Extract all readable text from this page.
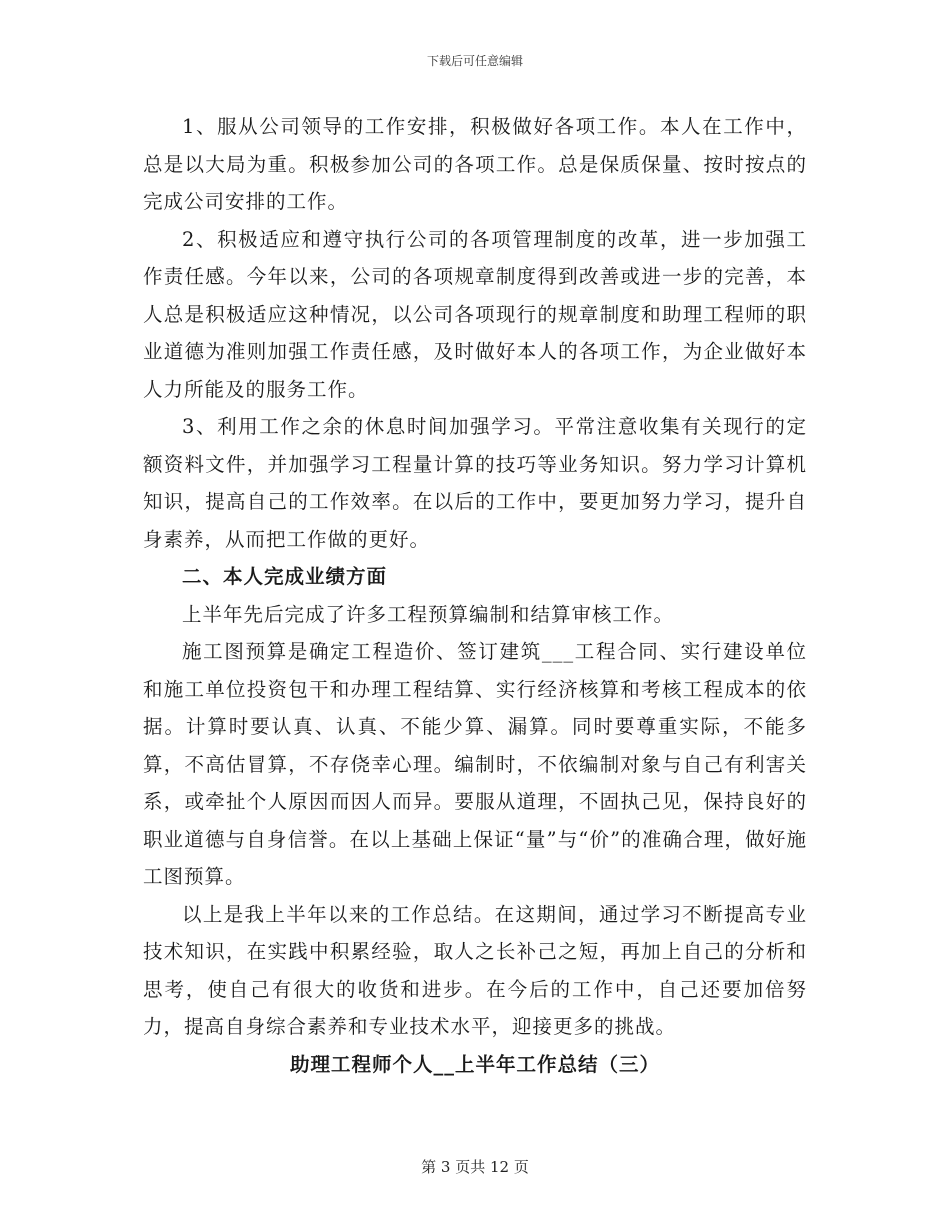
下载后可任意编辑

1、服从公司领导的工作安排，积极做好各项工作。本人在工作中，总是以大局为重。积极参加公司的各项工作。总是保质保量、按时按点的完成公司安排的工作。

2、积极适应和遵守执行公司的各项管理制度的改革，进一步加强工作责任感。今年以来，公司的各项规章制度得到改善或进一步的完善，本人总是积极适应这种情况，以公司各项现行的规章制度和助理工程师的职业道德为准则加强工作责任感，及时做好本人的各项工作，为企业做好本人力所能及的服务工作。

3、利用工作之余的休息时间加强学习。平常注意收集有关现行的定额资料文件，并加强学习工程量计算的技巧等业务知识。努力学习计算机知识，提高自己的工作效率。在以后的工作中，要更加努力学习，提升自身素养，从而把工作做的更好。

二、本人完成业绩方面

上半年先后完成了许多工程预算编制和结算审核工作。

施工图预算是确定工程造价、签订建筑___工程合同、实行建设单位和施工单位投资包干和办理工程结算、实行经济核算和考核工程成本的依据。计算时要认真、认真、不能少算、漏算。同时要尊重实际，不能多算，不高估冒算，不存侥幸心理。编制时，不依编制对象与自己有利害关系，或牵扯个人原因而因人而异。要服从道理，不固执己见，保持良好的职业道德与自身信誉。在以上基础上保证“量”与“价”的准确合理，做好施工图预算。

以上是我上半年以来的工作总结。在这期间，通过学习不断提高专业技术知识，在实践中积累经验，取人之长补己之短，再加上自己的分析和思考，使自己有很大的收货和进步。在今后的工作中，自己还要加倍努力，提高自身综合素养和专业技术水平，迎接更多的挑战。

助理工程师个人__上半年工作总结（三）

第 3 页共 12 页
